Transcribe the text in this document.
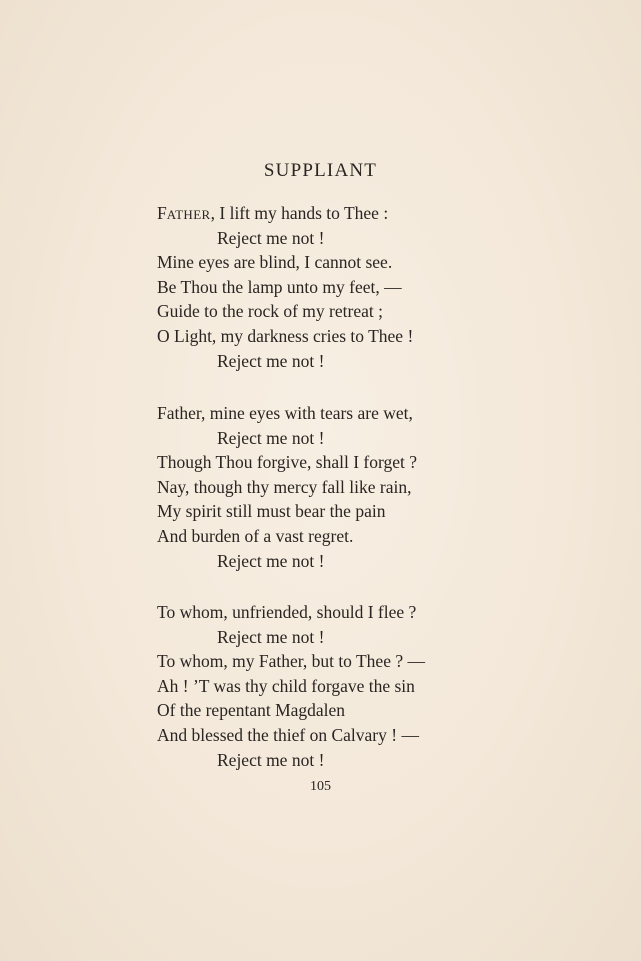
SUPPLIANT
FATHER, I lift my hands to Thee :
Reject me not !
Mine eyes are blind, I cannot see.
Be Thou the lamp unto my feet, —
Guide to the rock of my retreat ;
O Light, my darkness cries to Thee !
Reject me not !
Father, mine eyes with tears are wet,
Reject me not !
Though Thou forgive, shall I forget ?
Nay, though thy mercy fall like rain,
My spirit still must bear the pain
And burden of a vast regret.
Reject me not !
To whom, unfriended, should I flee ?
Reject me not !
To whom, my Father, but to Thee ? —
Ah ! ’T was thy child forgave the sin
Of the repentant Magdalen
And blessed the thief on Calvary ! —
Reject me not !
105
